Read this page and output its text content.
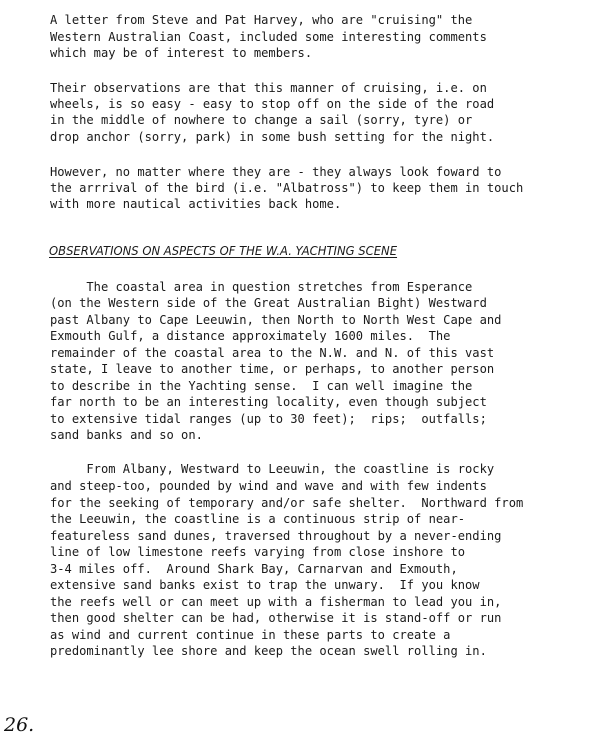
A letter from Steve and Pat Harvey, who are "cruising" the
Western Australian Coast, included some interesting comments
which may be of interest to members.
Their observations are that this manner of cruising, i.e. on
wheels, is so easy - easy to stop off on the side of the road
in the middle of nowhere to change a sail (sorry, tyre) or
drop anchor (sorry, park) in some bush setting for the night.
However, no matter where they are - they always look foward to
the arrrival of the bird (i.e. "Albatross") to keep them in touch
with more nautical activities back home.
OBSERVATIONS ON ASPECTS OF THE W.A. YACHTING SCENE
The coastal area in question stretches from Esperance
(on the Western side of the Great Australian Bight) Westward
past Albany to Cape Leeuwin, then North to North West Cape and
Exmouth Gulf, a distance approximately 1600 miles.  The
remainder of the coastal area to the N.W. and N. of this vast
state, I leave to another time, or perhaps, to another person
to describe in the Yachting sense.  I can well imagine the
far north to be an interesting locality, even though subject
to extensive tidal ranges (up to 30 feet);  rips;  outfalls;
sand banks and so on.
From Albany, Westward to Leeuwin, the coastline is rocky
and steep-too, pounded by wind and wave and with few indents
for the seeking of temporary and/or safe shelter.  Northward from
the Leeuwin, the coastline is a continuous strip of near-
featureless sand dunes, traversed throughout by a never-ending
line of low limestone reefs varying from close inshore to
3-4 miles off.  Around Shark Bay, Carnarvan and Exmouth,
extensive sand banks exist to trap the unwary.  If you know
the reefs well or can meet up with a fisherman to lead you in,
then good shelter can be had, otherwise it is stand-off or run
as wind and current continue in these parts to create a
predominantly lee shore and keep the ocean swell rolling in.
26.
